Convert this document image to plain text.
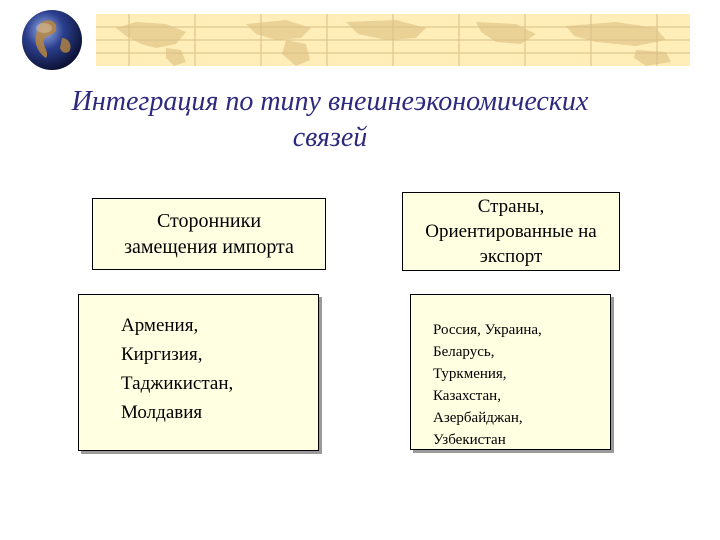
Интеграция по типу внешнеэкономических
связей
Сторонники
замещения импорта
Страны,
Ориентированные на
экспорт
Армения,
Киргизия,
Таджикистан,
Молдавия
Россия, Украина,
Беларусь,
Туркмения,
Казахстан,
Азербайджан,
Узбекистан
